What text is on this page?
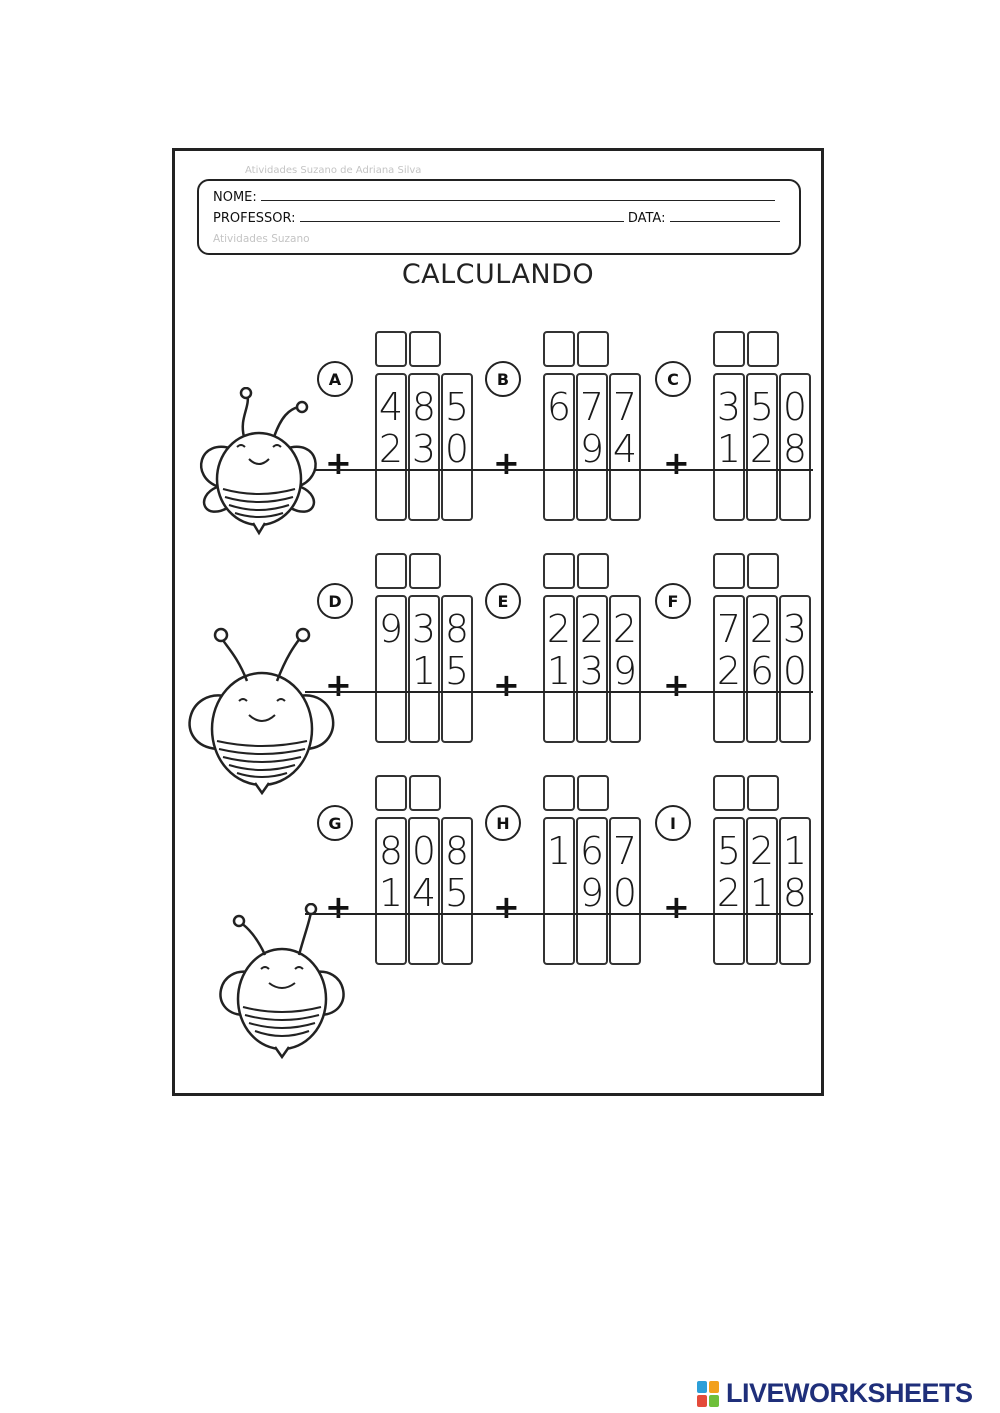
Atividades Suzano de Adriana Silva
NOME:
PROFESSOR:	DATA:
Atividades Suzano
CALCULANDO
A
4
2
8
3
5
0
+
B
6 7
9
7
4
+
C
3
1
5
2
0
8
+
D
9 3
1
8
5
+
E
2
1
2
3
2
9
+
F
7
2
2
6
3
0
+
G
8
1
0
4
8
5
+
H
1 6
9
7
0
+
I
5
2
2
1
1
8
+
LIVEWORKSHEETS
